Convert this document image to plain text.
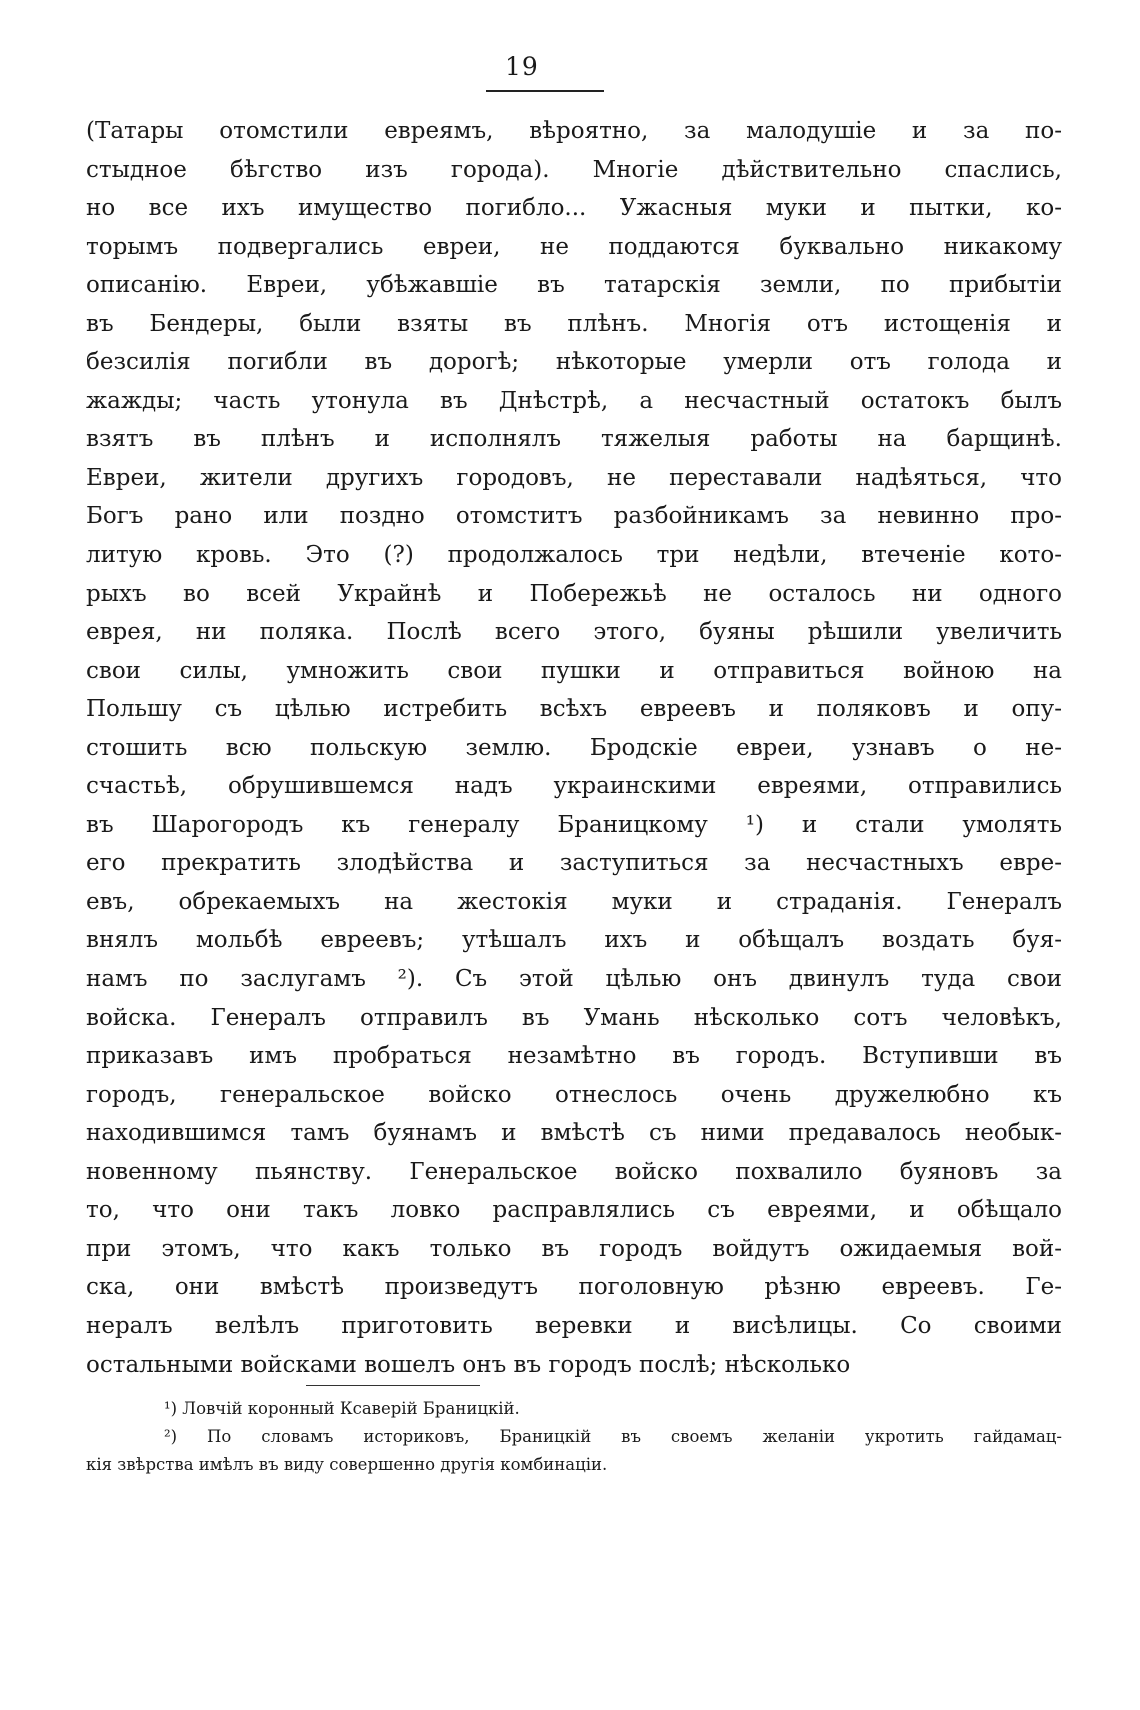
19
(Татары отомстили евреямъ, вѣроятно, за малодушіе и за по-
стыдное бѣгство изъ города). Многіе дѣйствительно спаслись,
но все ихъ имущество погибло... Ужасныя муки и пытки, ко-
торымъ подвергались евреи, не поддаются буквально никакому
описанію. Евреи, убѣжавшіе въ татарскія земли, по прибытіи
въ Бендеры, были взяты въ плѣнъ. Многія отъ истощенія и
безсилія погибли въ дорогѣ; нѣкоторые умерли отъ голода и
жажды; часть утонула въ Днѣстрѣ, а несчастный остатокъ былъ
взятъ въ плѣнъ и исполнялъ тяжелыя работы на барщинѣ.
Евреи, жители другихъ городовъ, не переставали надѣяться, что
Богъ рано или поздно отомститъ разбойникамъ за невинно про-
литую кровь. Это (?) продолжалось три недѣли, втеченіе кото-
рыхъ во всей Украйнѣ и Побережьѣ не осталось ни одного
еврея, ни поляка. Послѣ всего этого, буяны рѣшили увеличить
свои силы, умножить свои пушки и отправиться войною на
Польшу съ цѣлью истребить всѣхъ евреевъ и поляковъ и опу-
стошить всю польскую землю. Бродскіе евреи, узнавъ о не-
счастьѣ, обрушившемся надъ украинскими евреями, отправились
въ Шарогородъ къ генералу Браницкому ¹) и стали умолять
его прекратить злодѣйства и заступиться за несчастныхъ евре-
евъ, обрекаемыхъ на жестокія муки и страданія. Генералъ
внялъ мольбѣ евреевъ; утѣшалъ ихъ и обѣщалъ воздать буя-
намъ по заслугамъ ²). Съ этой цѣлью онъ двинулъ туда свои
войска. Генералъ отправилъ въ Умань нѣсколько сотъ человѣкъ,
приказавъ имъ пробраться незамѣтно въ городъ. Вступивши въ
городъ, генеральское войско отнеслось очень дружелюбно къ
находившимся тамъ буянамъ и вмѣстѣ съ ними предавалось необык-
новенному пьянству. Генеральское войско похвалило буяновъ за
то, что они такъ ловко расправлялись съ евреями, и обѣщало
при этомъ, что какъ только въ городъ войдутъ ожидаемыя вой-
ска, они вмѣстѣ произведутъ поголовную рѣзню евреевъ. Ге-
нералъ велѣлъ приготовить веревки и висѣлицы. Со своими
остальными войсками вошелъ онъ въ городъ послѣ; нѣсколько
¹) Ловчій коронный Ксаверій Браницкій.
²) По словамъ историковъ, Браницкій въ своемъ желаніи укротить гайдамац-
кія звѣрства имѣлъ въ виду совершенно другія комбинаціи.
